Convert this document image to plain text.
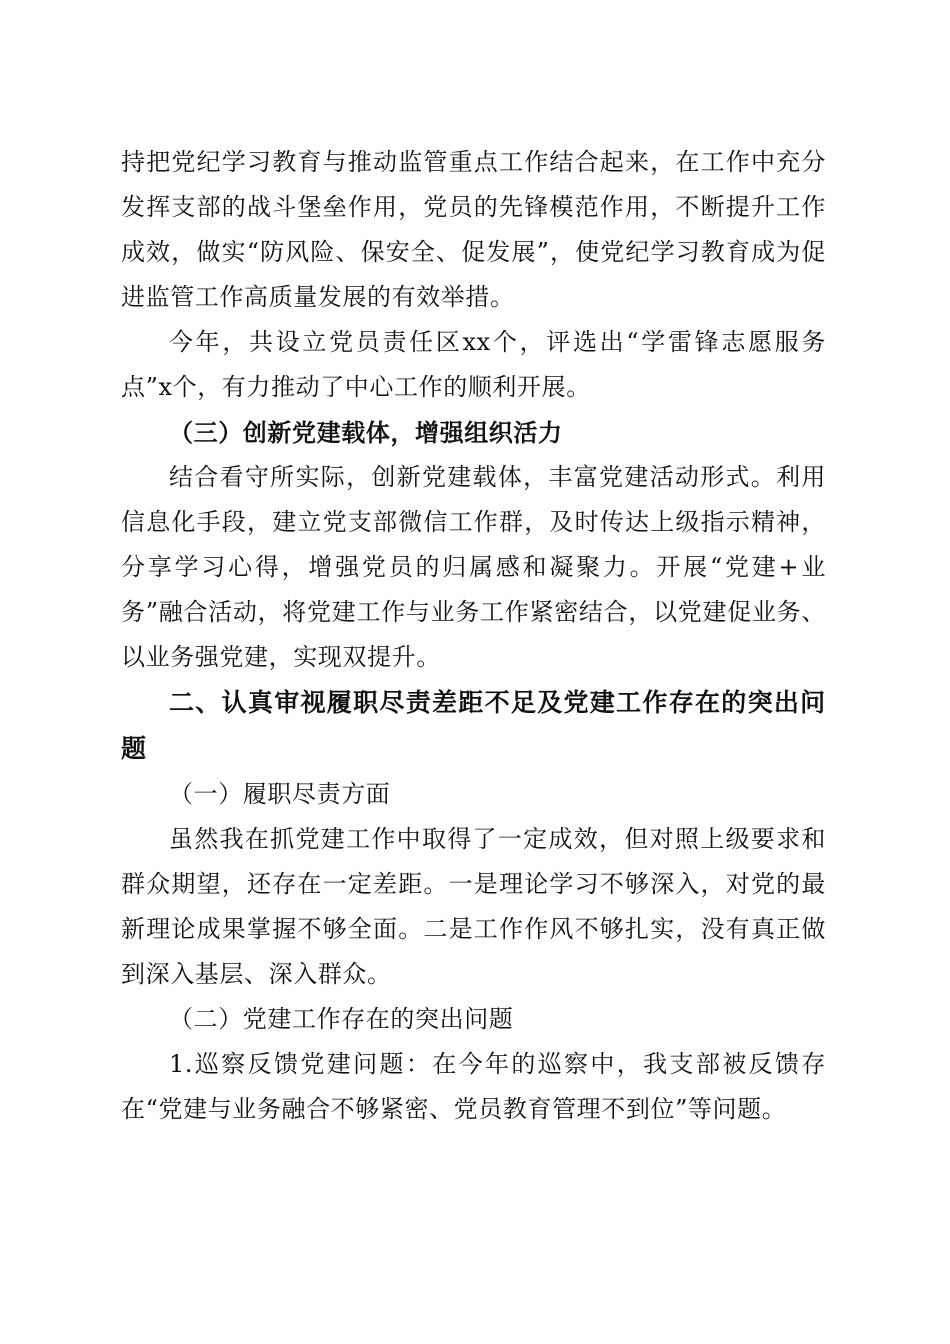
持把党纪学习教育与推动监管重点工作结合起来，在工作中充分发挥支部的战斗堡垒作用，党员的先锋模范作用，不断提升工作成效，做实“防风险、保安全、促发展”，使党纪学习教育成为促进监管工作高质量发展的有效举措。

今年，共设立党员责任区xx个，评选出“学雷锋志愿服务点”x个，有力推动了中心工作的顺利开展。

（三）创新党建载体，增强组织活力

结合看守所实际，创新党建载体，丰富党建活动形式。利用信息化手段，建立党支部微信工作群，及时传达上级指示精神，分享学习心得，增强党员的归属感和凝聚力。开展“党建+业务”融合活动，将党建工作与业务工作紧密结合，以党建促业务、以业务强党建，实现双提升。

二、认真审视履职尽责差距不足及党建工作存在的突出问题

（一）履职尽责方面

虽然我在抓党建工作中取得了一定成效，但对照上级要求和群众期望，还存在一定差距。一是理论学习不够深入，对党的最新理论成果掌握不够全面。二是工作作风不够扎实，没有真正做到深入基层、深入群众。

（二）党建工作存在的突出问题

1.巡察反馈党建问题：在今年的巡察中，我支部被反馈存在“党建与业务融合不够紧密、党员教育管理不到位”等问题。
